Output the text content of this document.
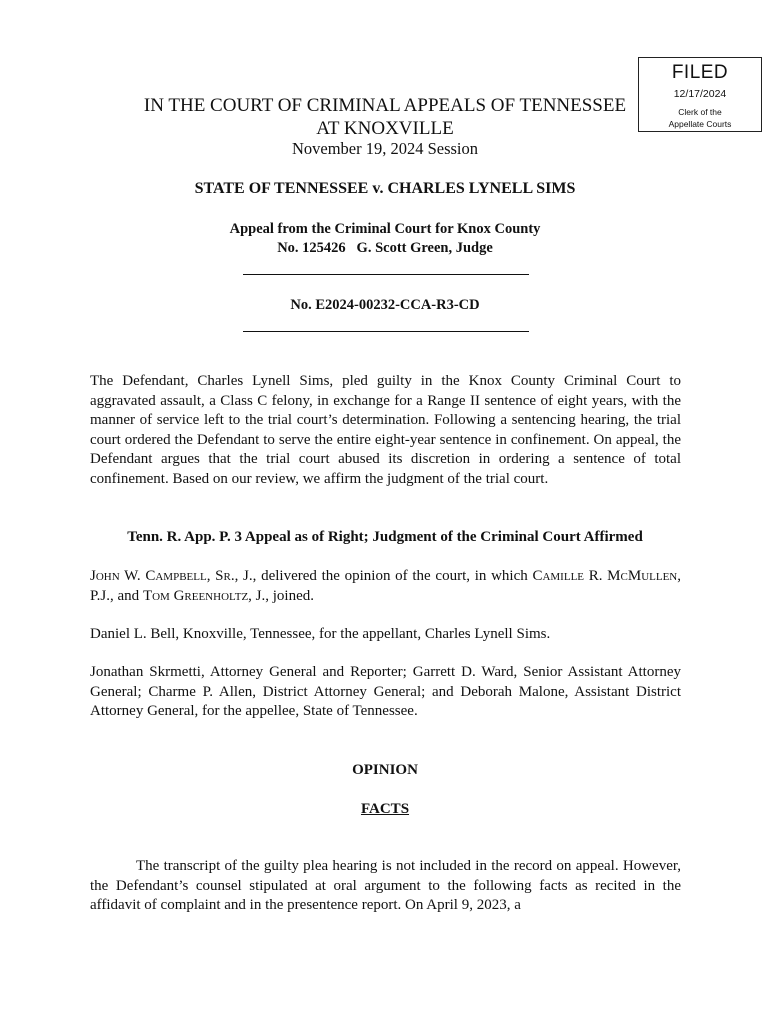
FILED
12/17/2024
Clerk of the
Appellate Courts
IN THE COURT OF CRIMINAL APPEALS OF TENNESSEE
AT KNOXVILLE
November 19, 2024 Session
STATE OF TENNESSEE v. CHARLES LYNELL SIMS
Appeal from the Criminal Court for Knox County
No. 125426   G. Scott Green, Judge
No. E2024-00232-CCA-R3-CD
The Defendant, Charles Lynell Sims, pled guilty in the Knox County Criminal Court to aggravated assault, a Class C felony, in exchange for a Range II sentence of eight years, with the manner of service left to the trial court’s determination. Following a sentencing hearing, the trial court ordered the Defendant to serve the entire eight-year sentence in confinement. On appeal, the Defendant argues that the trial court abused its discretion in ordering a sentence of total confinement. Based on our review, we affirm the judgment of the trial court.
Tenn. R. App. P. 3 Appeal as of Right; Judgment of the Criminal Court Affirmed
John W. Campbell, Sr., J., delivered the opinion of the court, in which Camille R. McMullen, P.J., and Tom Greenholtz, J., joined.
Daniel L. Bell, Knoxville, Tennessee, for the appellant, Charles Lynell Sims.
Jonathan Skrmetti, Attorney General and Reporter; Garrett D. Ward, Senior Assistant Attorney General; Charme P. Allen, District Attorney General; and Deborah Malone, Assistant District Attorney General, for the appellee, State of Tennessee.
OPINION
FACTS
The transcript of the guilty plea hearing is not included in the record on appeal. However, the Defendant’s counsel stipulated at oral argument to the following facts as recited in the affidavit of complaint and in the presentence report. On April 9, 2023, a
